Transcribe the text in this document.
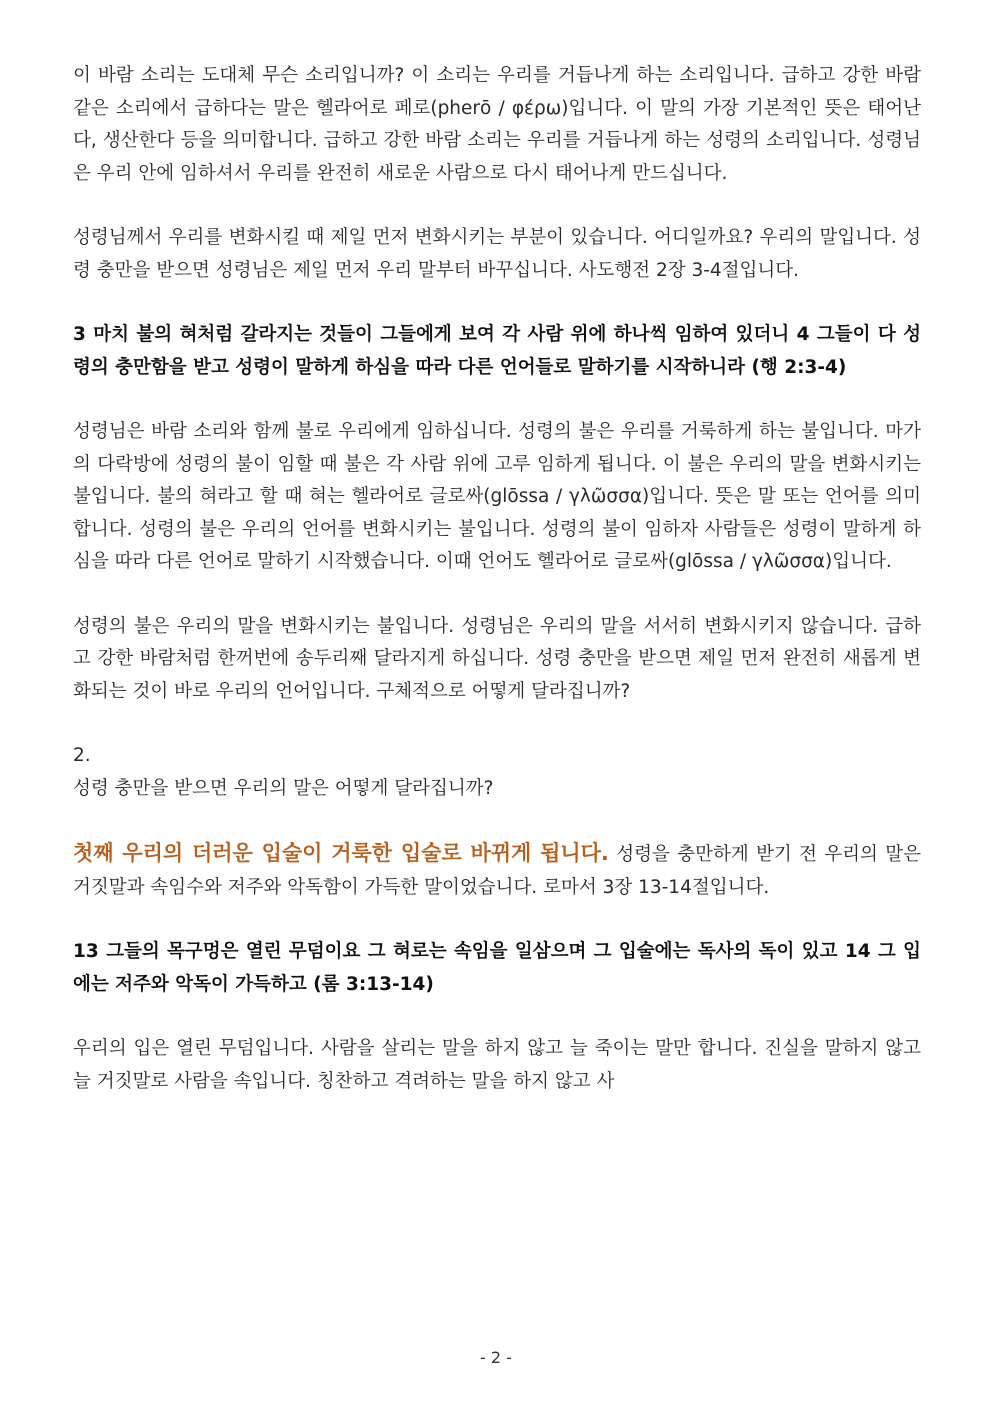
이 바람 소리는 도대체 무슨 소리입니까? 이 소리는 우리를 거듭나게 하는 소리입니다. 급하고 강한 바람 같은 소리에서 급하다는 말은 헬라어로 페로(pherō / φέρω)입니다. 이 말의 가장 기본적인 뜻은 태어난다, 생산한다 등을 의미합니다. 급하고 강한 바람 소리는 우리를 거듭나게 하는 성령의 소리입니다. 성령님은 우리 안에 임하셔서 우리를 완전히 새로운 사람으로 다시 태어나게 만드십니다.

성령님께서 우리를 변화시킬 때 제일 먼저 변화시키는 부분이 있습니다. 어디일까요? 우리의 말입니다. 성령 충만을 받으면 성령님은 제일 먼저 우리 말부터 바꾸십니다. 사도행전 2장 3-4절입니다.

3 마치 불의 혀처럼 갈라지는 것들이 그들에게 보여 각 사람 위에 하나씩 임하여 있더니 4 그들이 다 성령의 충만함을 받고 성령이 말하게 하심을 따라 다른 언어들로 말하기를 시작하니라 (행 2:3-4)

성령님은 바람 소리와 함께 불로 우리에게 임하십니다. 성령의 불은 우리를 거룩하게 하는 불입니다. 마가의 다락방에 성령의 불이 임할 때 불은 각 사람 위에 고루 임하게 됩니다. 이 불은 우리의 말을 변화시키는 불입니다. 불의 혀라고 할 때 혀는 헬라어로 글로싸(glōssa / γλῶσσα)입니다. 뜻은 말 또는 언어를 의미합니다. 성령의 불은 우리의 언어를 변화시키는 불입니다. 성령의 불이 임하자 사람들은 성령이 말하게 하심을 따라 다른 언어로 말하기 시작했습니다. 이때 언어도 헬라어로 글로싸(glōssa / γλῶσσα)입니다.

성령의 불은 우리의 말을 변화시키는 불입니다. 성령님은 우리의 말을 서서히 변화시키지 않습니다. 급하고 강한 바람처럼 한꺼번에 송두리째 달라지게 하십니다. 성령 충만을 받으면 제일 먼저 완전히 새롭게 변화되는 것이 바로 우리의 언어입니다. 구체적으로 어떻게 달라집니까?

2.

성령 충만을 받으면 우리의 말은 어떻게 달라집니까?

첫째 우리의 더러운 입술이 거룩한 입술로 바뀌게 됩니다. 성령을 충만하게 받기 전 우리의 말은 거짓말과 속임수와 저주와 악독함이 가득한 말이었습니다. 로마서 3장 13-14절입니다.

13 그들의 목구멍은 열린 무덤이요 그 혀로는 속임을 일삼으며 그 입술에는 독사의 독이 있고 14 그 입에는 저주와 악독이 가득하고 (롬 3:13-14)

우리의 입은 열린 무덤입니다. 사람을 살리는 말을 하지 않고 늘 죽이는 말만 합니다. 진실을 말하지 않고 늘 거짓말로 사람을 속입니다. 칭찬하고 격려하는 말을 하지 않고 사

- 2 -
